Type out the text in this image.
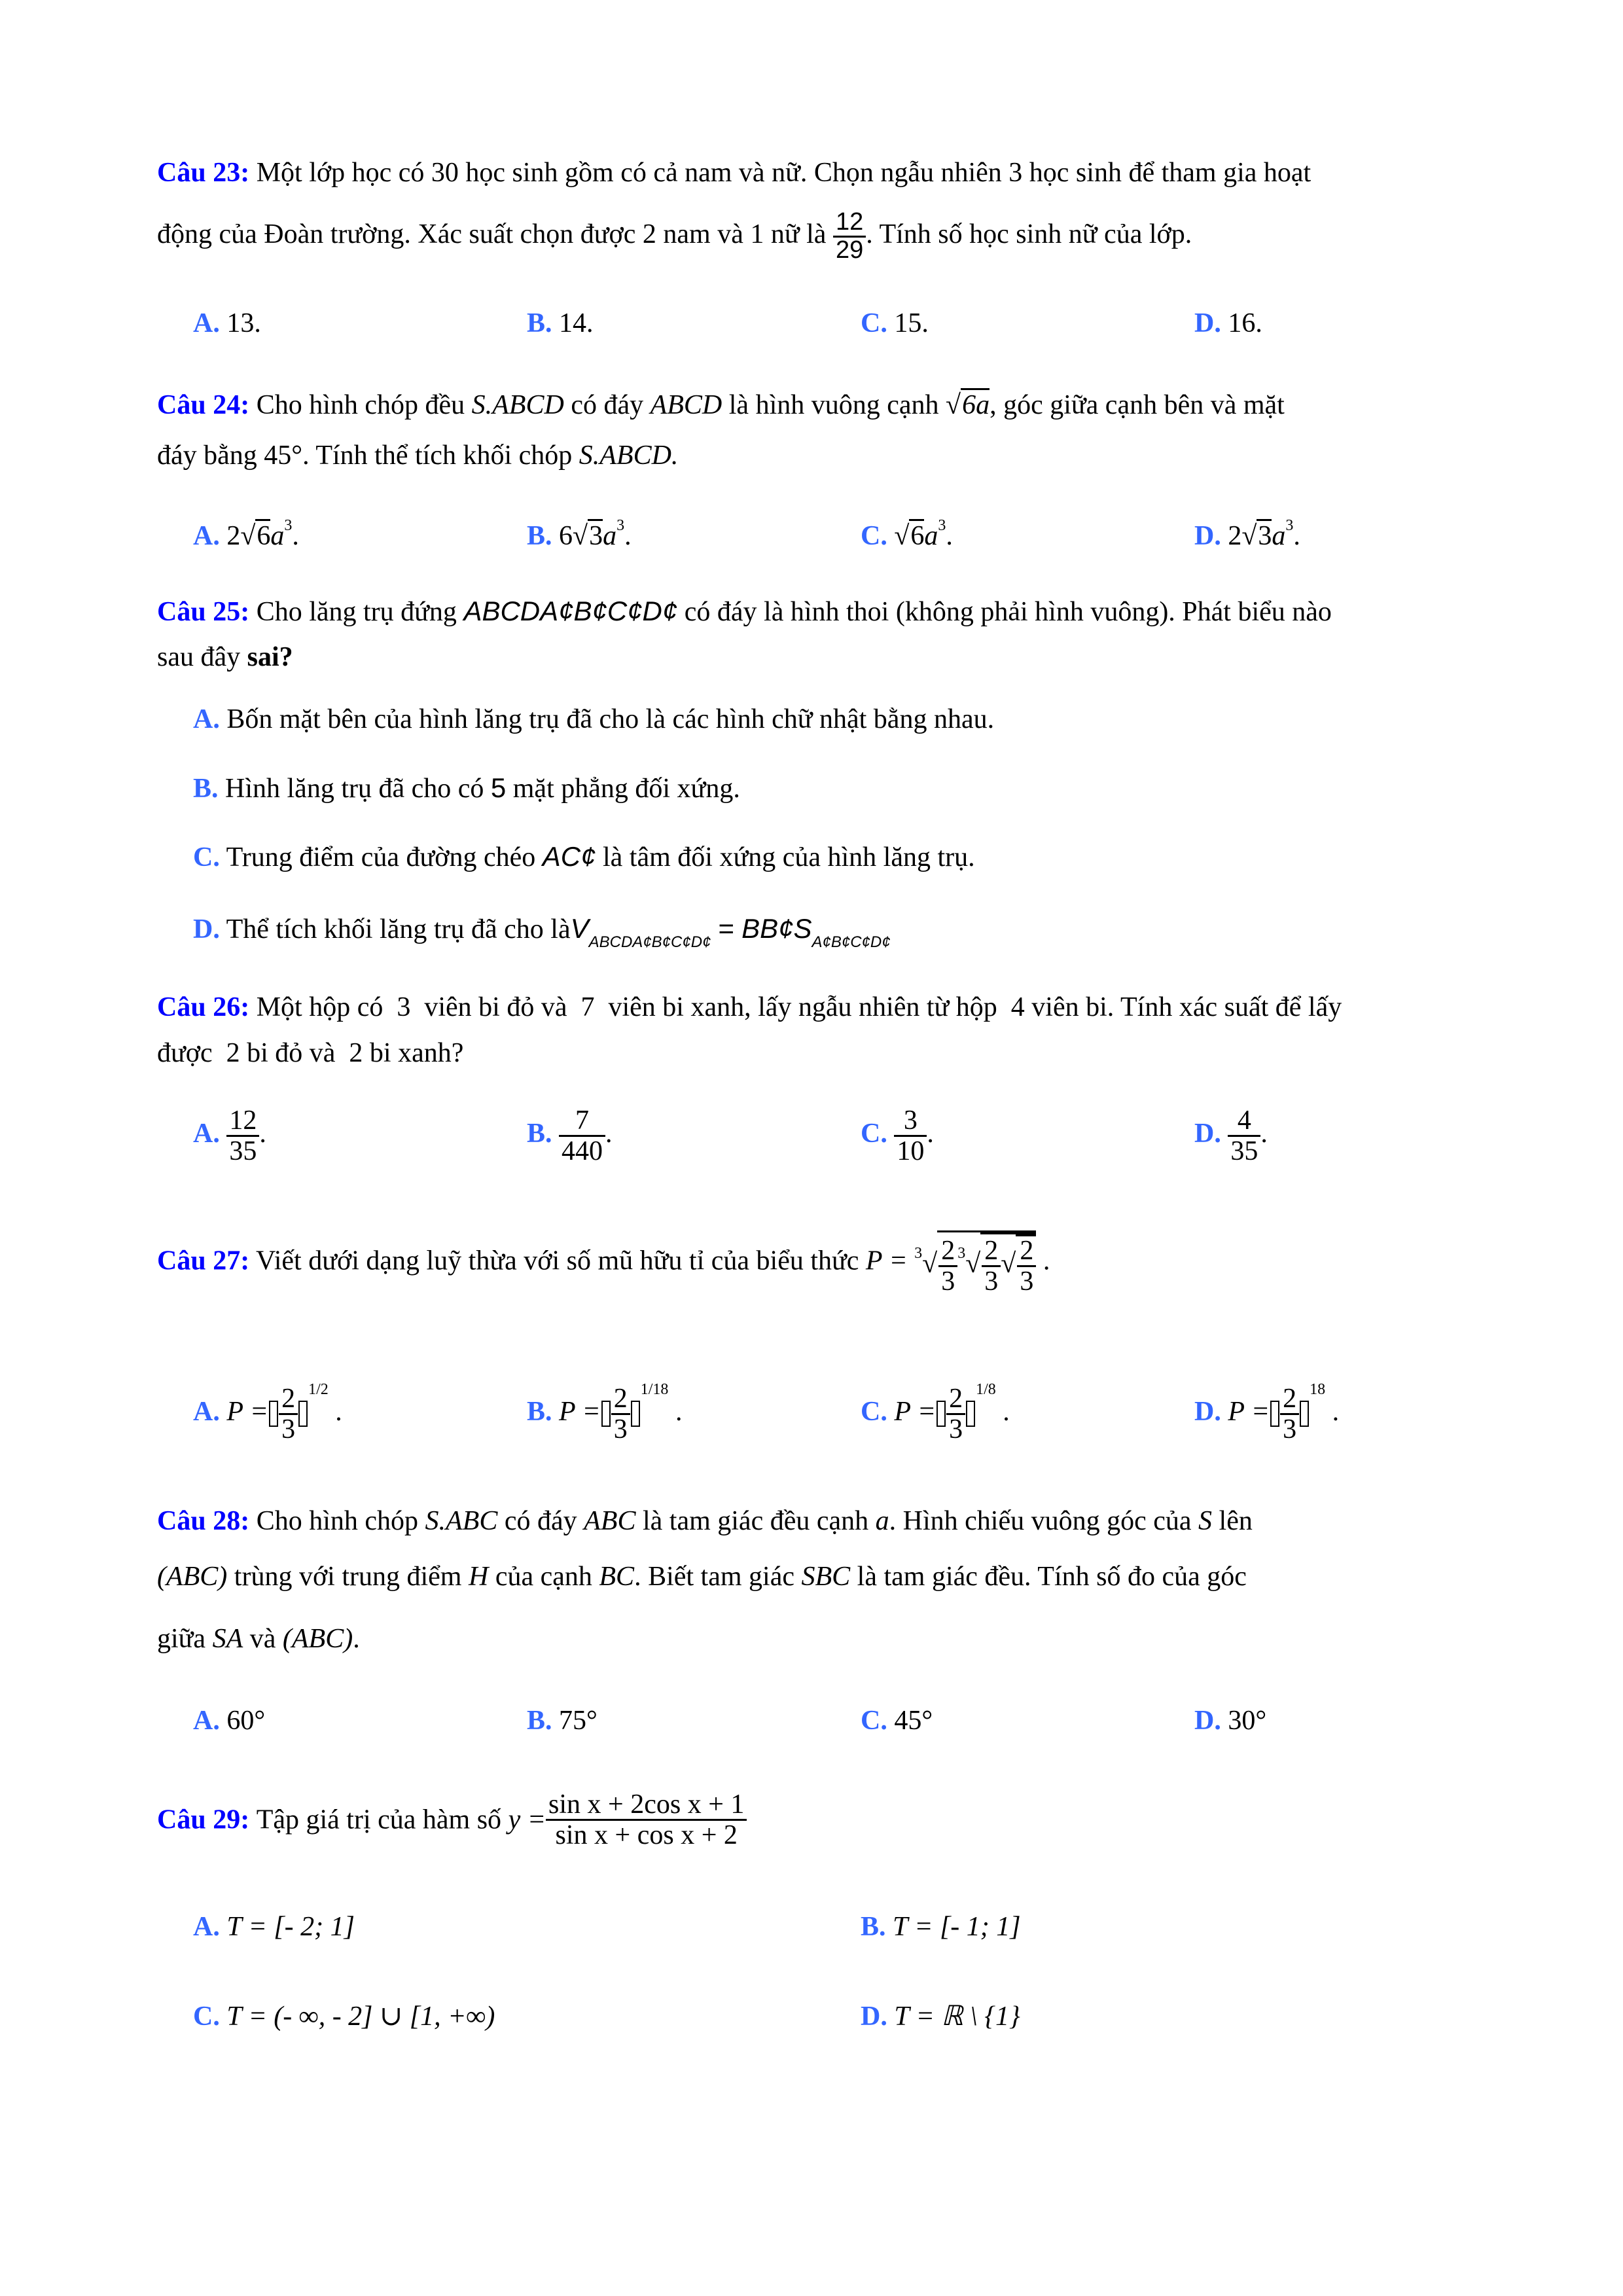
Câu 23: Một lớp học có 30 học sinh gồm có cả nam và nữ. Chọn ngẫu nhiên 3 học sinh để tham gia hoạt
động của Đoàn trường. Xác suất chọn được 2 nam và 1 nữ là $\frac{12}{29}$ . Tính số học sinh nữ của lớp.
A. 13.	B. 14.	C. 15.	D. 16.
Câu 24: Cho hình chóp đều S.ABCD có đáy ABCD là hình vuông cạnh √6a, góc giữa cạnh bên và mặt
đáy bằng 45°. Tính thể tích khối chóp S.ABCD.
A. $2√6a^3$.	B. $6√3a^3$.	C. $√6a^3$.	D. $2√3a^3$.
Câu 25: Cho lăng trụ đứng ABCDA¢B¢C¢D¢ có đáy là hình thoi (không phải hình vuông). Phát biểu nào
sau đây sai?
A. Bốn mặt bên của hình lăng trụ đã cho là các hình chữ nhật bằng nhau.
B. Hình lăng trụ đã cho có 5 mặt phẳng đối xứng.
C. Trung điểm của đường chéo AC¢ là tâm đối xứng của hình lăng trụ.
D. Thể tích khối lăng trụ đã cho làV$_{ABCDA¢B¢C¢D¢}$ = $BB¢S_{A¢B¢C¢D¢}$
Câu 26: Một hộp có  3  viên bi đỏ và  7  viên bi xanh, lấy ngẫu nhiên từ hộp  4 viên bi. Tính xác suất để lấy
được  2 bi đỏ và  2 bi xanh?
A. $\frac{12}{35}$ .	B. $\frac{7}{440}$ .	C. $\frac{3}{10}$ .	D. $\frac{4}{35}$ .
Câu 27: Viết dưới dạng luỹ thừa với số mũ hữu tỉ của biểu thức $P = ^3√ \frac{2}{3} ^3√ \frac{2}{3}$ √ $\frac{2}{3}$ .
A. $P = \frac{2}{3} ^{1/2}$ .	B. $P = \frac{2}{3} ^{1/18}$ .	C. $P = \frac{2}{3} ^{1/8}$ .	D. $P = \frac{2}{3} ^{18}$ .
Câu 28: Cho hình chóp S.ABC có đáy ABC là tam giác đều cạnh a. Hình chiếu vuông góc của S lên
(ABC) trùng với trung điểm H của cạnh BC. Biết tam giác SBC là tam giác đều. Tính số đo của góc
giữa SA và (ABC).
A. 60°	B. 75°	C. 45°	D. 30°
Câu 29: Tập giá trị của hàm số $y = \frac{\text{sin x + 2cos x + 1}}{\text{sin x + cos x + 2}}$
A. T = [- 2; 1]	B. T = [- 1; 1]
C. T = (- ∞, - 2] ∪ [1, +∞)	D. T = ℝ \ {1}
